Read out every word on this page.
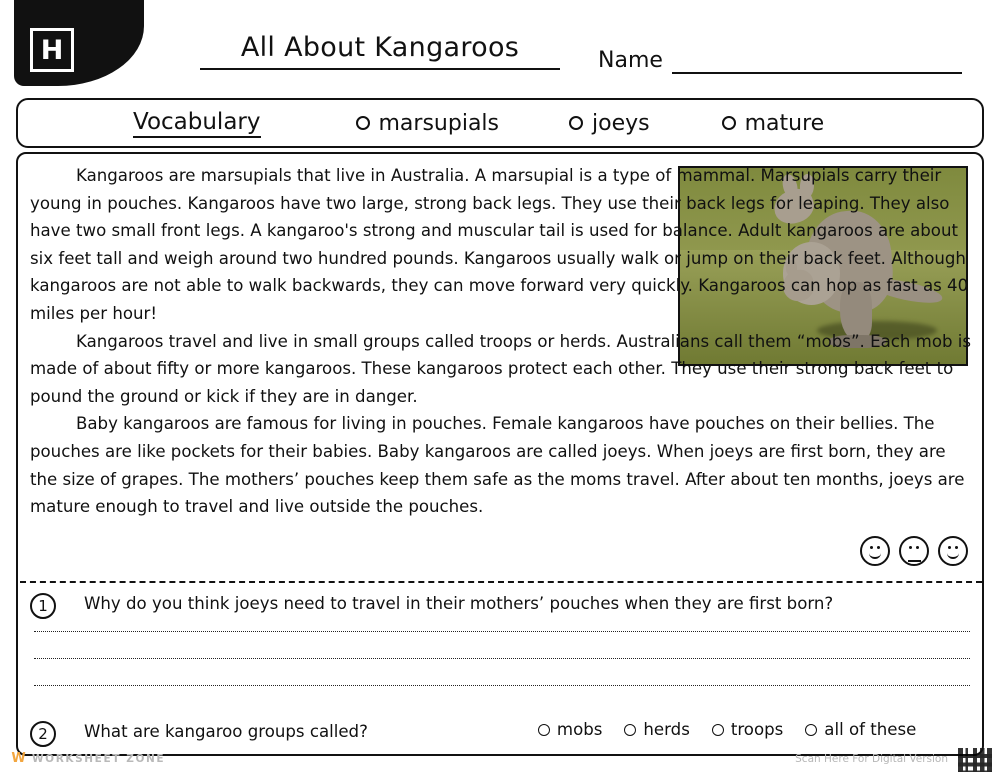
H	All About Kangaroos	Name
Vocabulary	marsupials	joeys	mature

Kangaroos are marsupials that live in Australia. A marsupial is a type of mammal. Marsupials carry their young in pouches. Kangaroos have two large, strong back legs. They use their back legs for leaping. They also have two small front legs. A kangaroo's strong and muscular tail is used for balance. Adult kangaroos are about six feet tall and weigh around two hundred pounds. Kangaroos usually walk or jump on their back feet. Although kangaroos are not able to walk backwards, they can move forward very quickly. Kangaroos can hop as fast as 40 miles per hour!

Kangaroos travel and live in small groups called troops or herds. Australians call them “mobs”. Each mob is made of about fifty or more kangaroos. These kangaroos protect each other. They use their strong back feet to pound the ground or kick if they are in danger.

Baby kangaroos are famous for living in pouches. Female kangaroos have pouches on their bellies. The pouches are like pockets for their babies. Baby kangaroos are called joeys. When joeys are first born, they are the size of grapes. The mothers’ pouches keep them safe as the moms travel. After about ten months, joeys are mature enough to travel and live outside the pouches.

1	Why do you think joeys need to travel in their mothers’ pouches when they are first born?
2	What are kangaroo groups called?	mobs herds troops all of these
W WORKSHEET ZONE	Scan Here For Digital Version
